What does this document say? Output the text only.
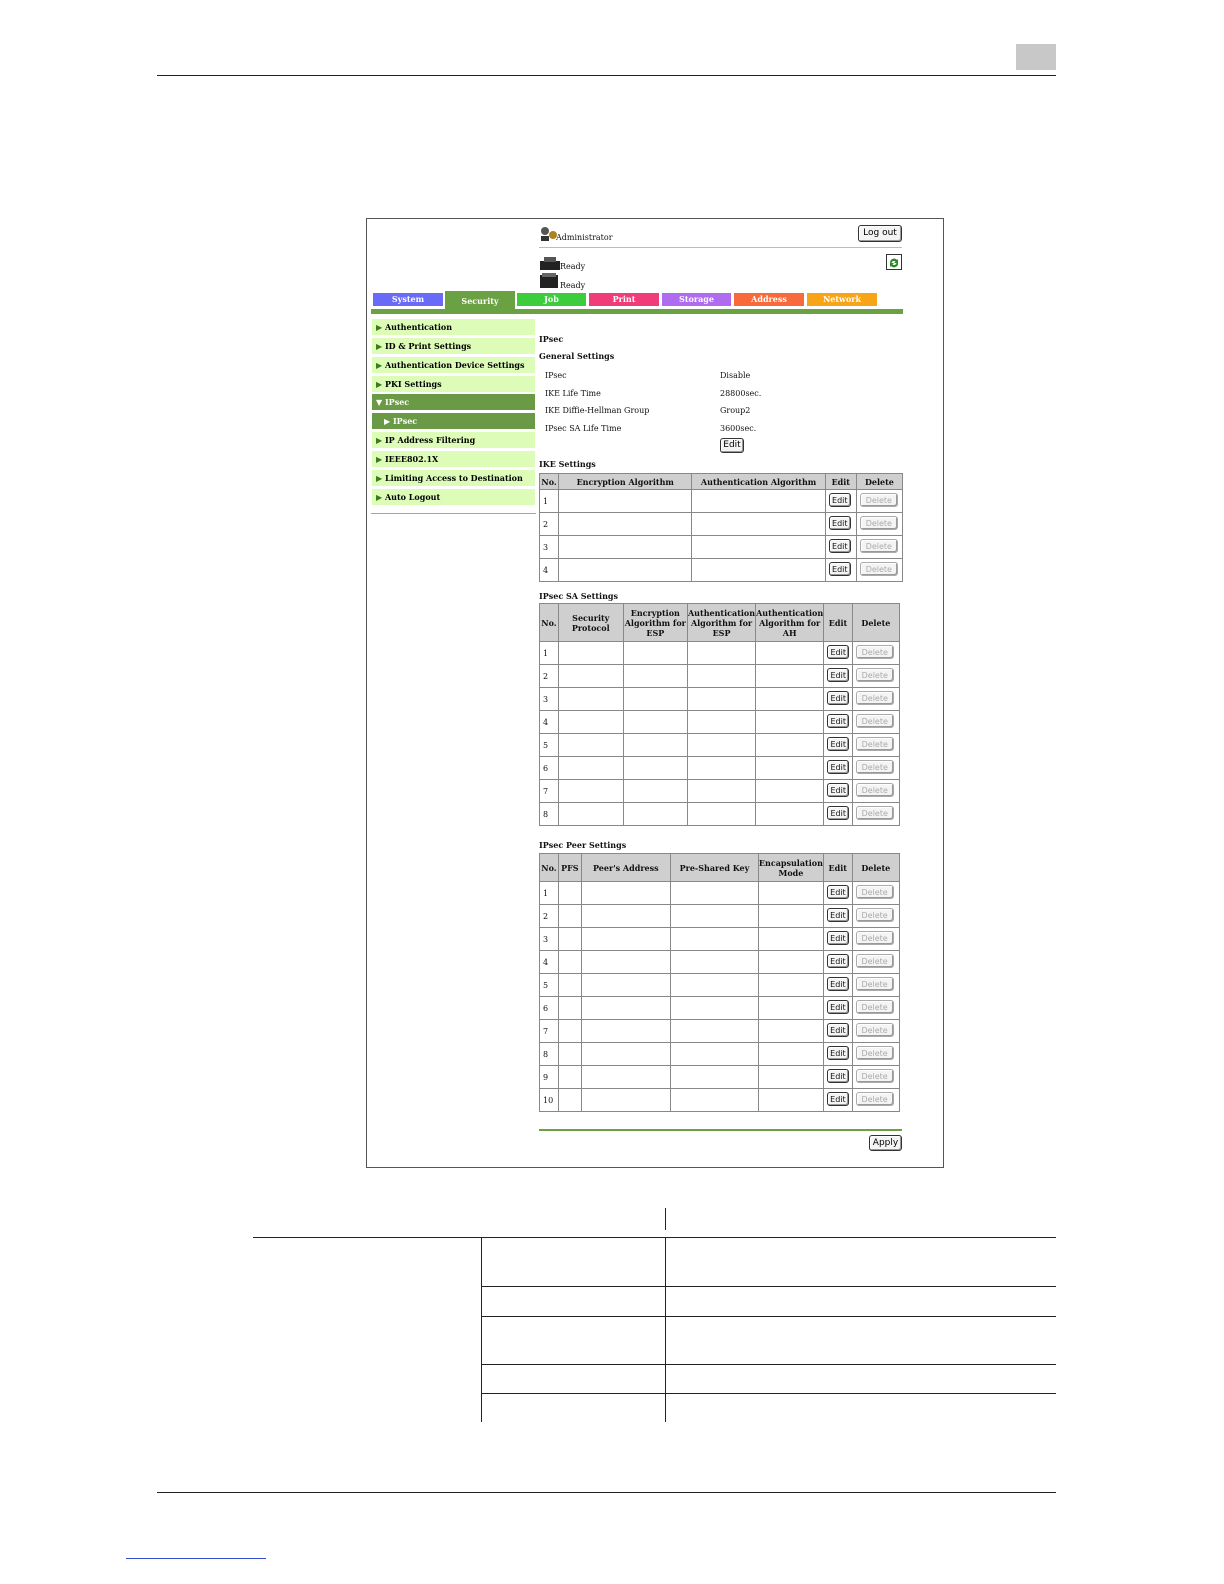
Administrator	Log out
Ready
Ready
System	Security	Job	Print	Storage	Address	Network
▶ Authentication
▶ ID & Print Settings
▶ Authentication Device Settings
▶ PKI Settings
▼ IPsec
▶ IPsec
▶ IP Address Filtering
▶ IEEE802.1X
▶ Limiting Access to Destination
▶ Auto Logout
IPsec
General Settings
IPsec	Disable
IKE Life Time	28800sec.
IKE Diffie-Hellman Group	Group2
IPsec SA Life Time	3600sec.
Edit
IKE Settings
No.	Encryption Algorithm	Authentication Algorithm	Edit	Delete
1			Edit	Delete

2			Edit	Delete

3			Edit	Delete

4			Edit	Delete
IPsec SA Settings
No.	Security Protocol	Encryption Algorithm for ESP	Authentication Algorithm for ESP	Authentication Algorithm for AH	Edit	Delete
1					Edit	Delete

2					Edit	Delete

3					Edit	Delete

4					Edit	Delete

5					Edit	Delete

6					Edit	Delete

7					Edit	Delete

8					Edit	Delete
IPsec Peer Settings
No.	PFS	Peer's Address	Pre-Shared Key	Encapsulation Mode	Edit	Delete
1					Edit	Delete

2					Edit	Delete

3					Edit	Delete

4					Edit	Delete

5					Edit	Delete

6					Edit	Delete

7					Edit	Delete

8					Edit	Delete

9					Edit	Delete

10					Edit	Delete
Apply
